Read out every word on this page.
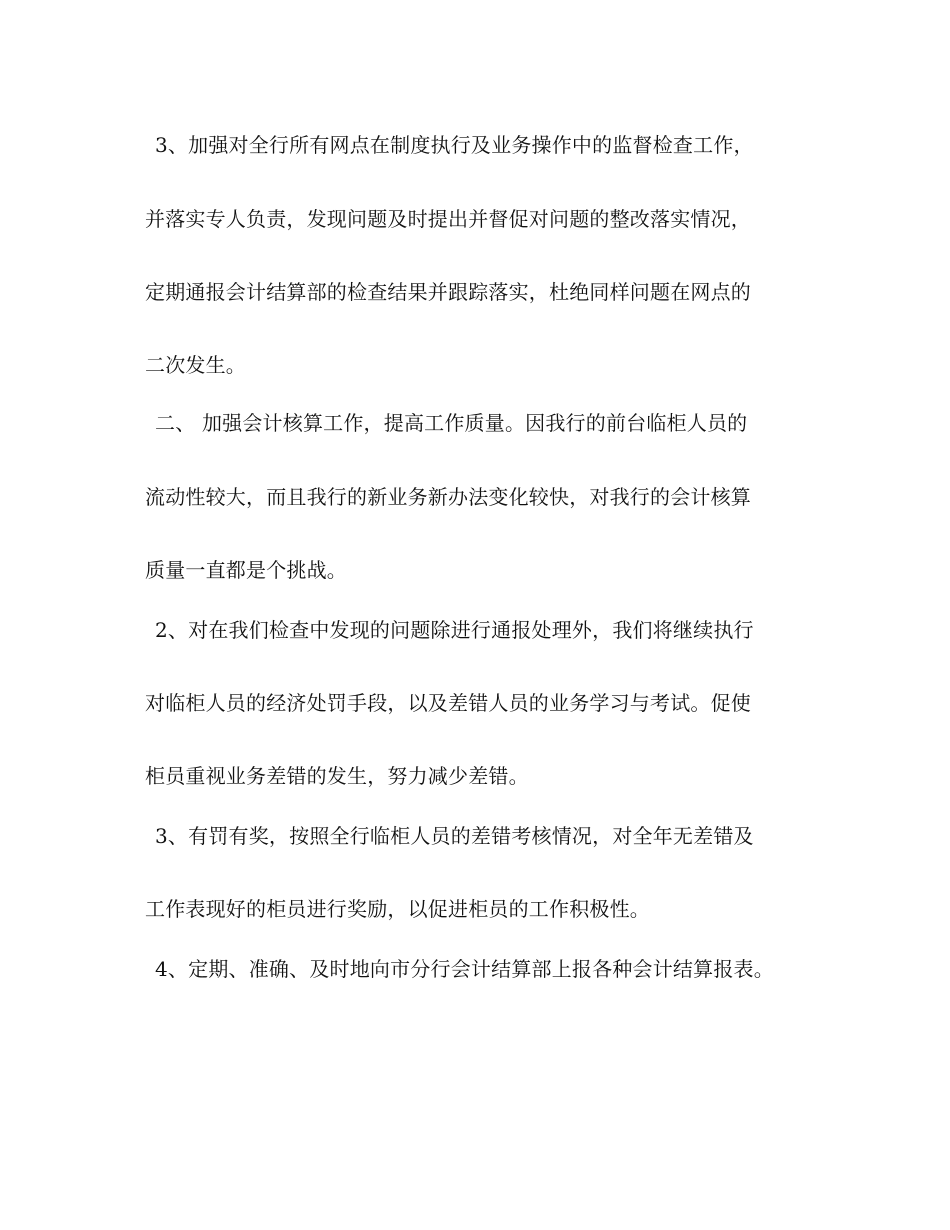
3、加强对全行所有网点在制度执行及业务操作中的监督检查工作，
并落实专人负责，发现问题及时提出并督促对问题的整改落实情况，
定期通报会计结算部的检查结果并跟踪落实，杜绝同样问题在网点的
二次发生。
二、 加强会计核算工作，提高工作质量。因我行的前台临柜人员的
流动性较大，而且我行的新业务新办法变化较快，对我行的会计核算
质量一直都是个挑战。
2、对在我们检查中发现的问题除进行通报处理外，我们将继续执行
对临柜人员的经济处罚手段，以及差错人员的业务学习与考试。促使
柜员重视业务差错的发生，努力减少差错。
3、有罚有奖，按照全行临柜人员的差错考核情况，对全年无差错及
工作表现好的柜员进行奖励，以促进柜员的工作积极性。
4、定期、准确、及时地向市分行会计结算部上报各种会计结算报表。
